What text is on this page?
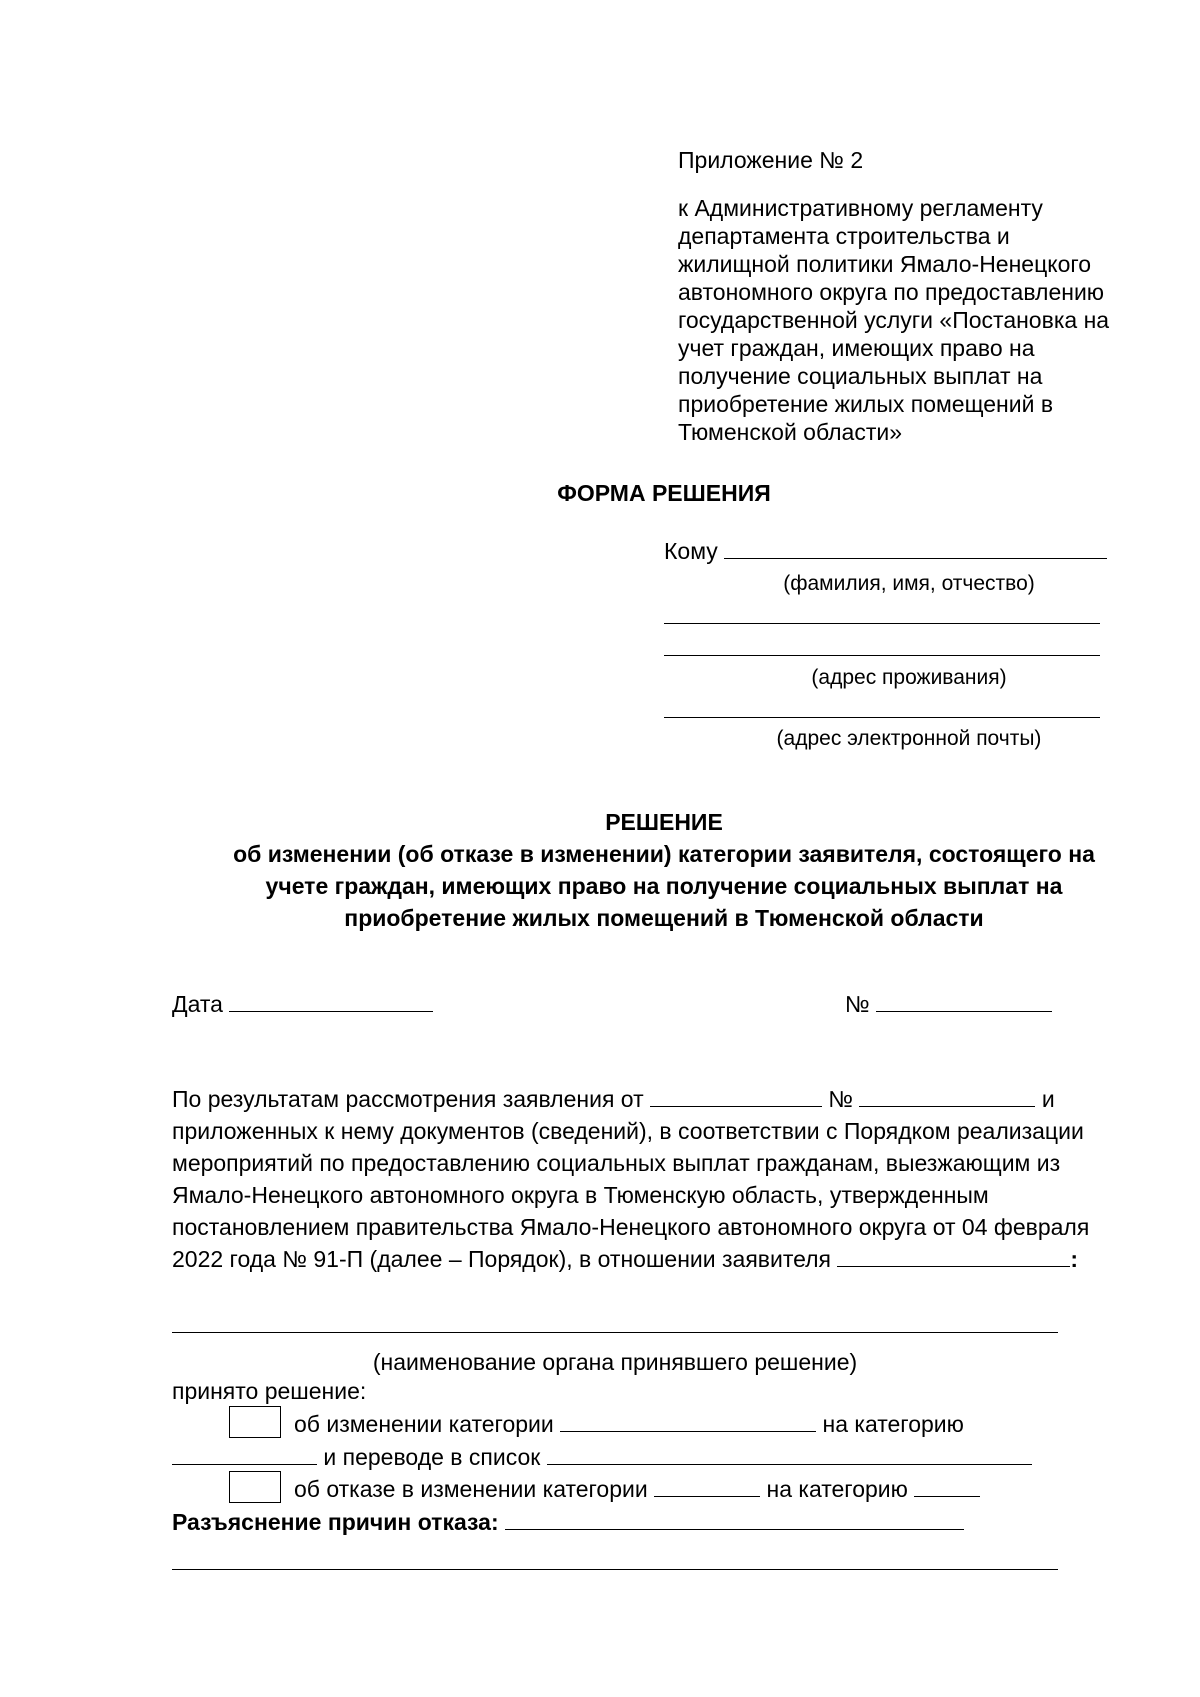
Приложение № 2
к Административному регламенту
департамента строительства и
жилищной политики Ямало-Ненецкого
автономного округа по предоставлению
государственной услуги «Постановка на
учет граждан, имеющих право на
получение социальных выплат на
приобретение жилых помещений в
Тюменской области»
ФОРМА РЕШЕНИЯ
Кому
(фамилия, имя, отчество)
(адрес проживания)
(адрес электронной почты)
РЕШЕНИЕ
об изменении (об отказе в изменении) категории заявителя, состоящего на
учете граждан, имеющих право на получение социальных выплат на
приобретение жилых помещений в Тюменской области
Дата	№
По результатам рассмотрения заявления от	№	и
приложенных к нему документов (сведений), в соответствии с Порядком реализации
мероприятий по предоставлению социальных выплат гражданам, выезжающим из
Ямало-Ненецкого автономного округа в Тюменскую область, утвержденным
постановлением правительства Ямало-Ненецкого автономного округа от 04 февраля
2022 года № 91-П (далее – Порядок), в отношении заявителя	:
(наименование органа принявшего решение)
принято решение:
об изменении категории	на категорию
и переводе в список
об отказе в изменении категории	на категорию
Разъяснение причин отказа:
